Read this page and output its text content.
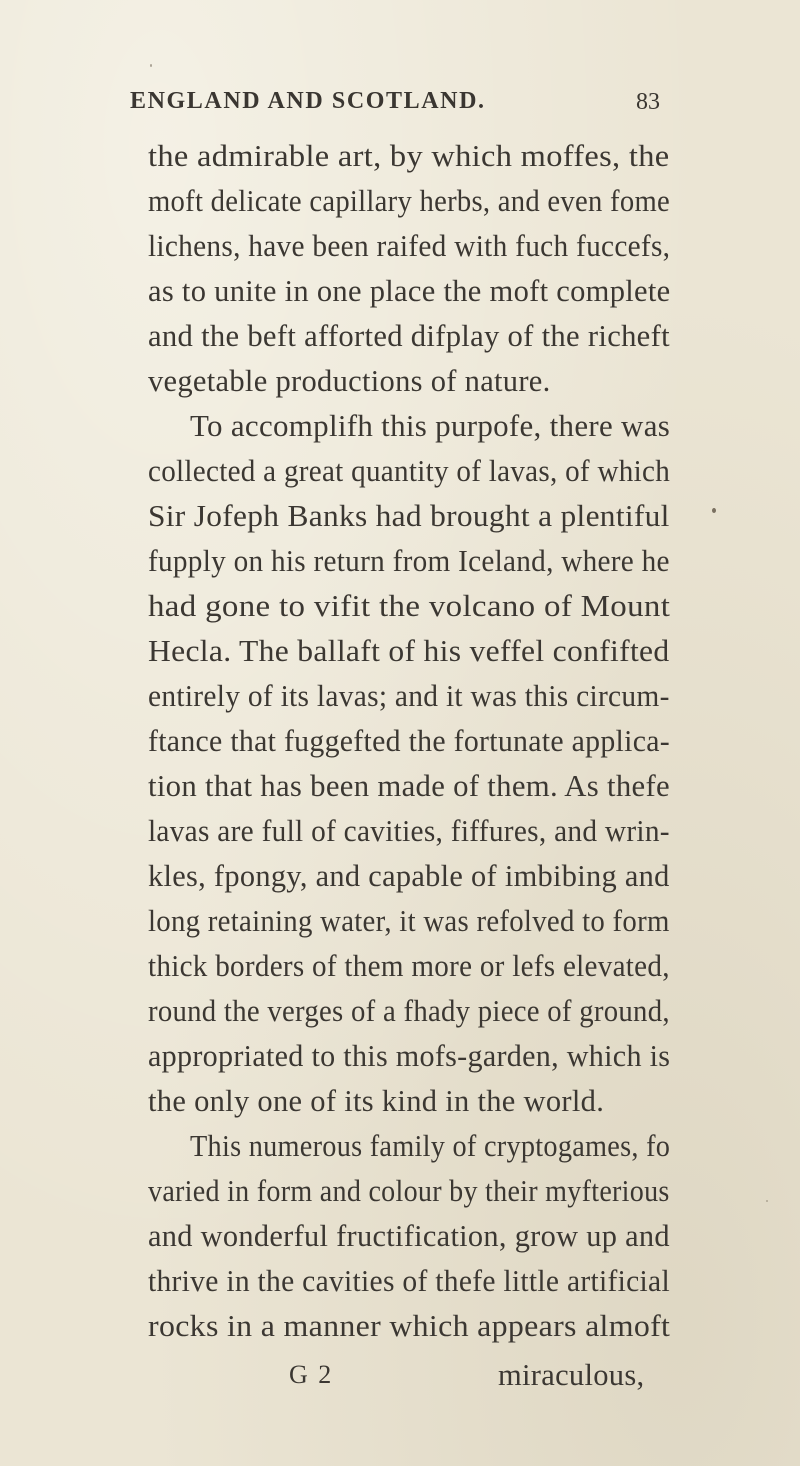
ENGLAND AND SCOTLAND.	83
the admirable art, by which moffes, the
moft delicate capillary herbs, and even fome
lichens, have been raifed with fuch fuccefs,
as to unite in one place the moft complete
and the beft afforted difplay of the richeft
vegetable productions of nature.
To accomplifh this purpofe, there was
collected a great quantity of lavas, of which
Sir Jofeph Banks had brought a plentiful
fupply on his return from Iceland, where he
had gone to vifit the volcano of Mount
Hecla. The ballaft of his veffel confifted
entirely of its lavas; and it was this circum-
ftance that fuggefted the fortunate applica-
tion that has been made of them. As thefe
lavas are full of cavities, fiffures, and wrin-
kles, fpongy, and capable of imbibing and
long retaining water, it was refolved to form
thick borders of them more or lefs elevated,
round the verges of a fhady piece of ground,
appropriated to this mofs-garden, which is
the only one of its kind in the world.
This numerous family of cryptogames, fo
varied in form and colour by their myfterious
and wonderful fructification, grow up and
thrive in the cavities of thefe little artificial
rocks in a manner which appears almoft
G 2	miraculous,
